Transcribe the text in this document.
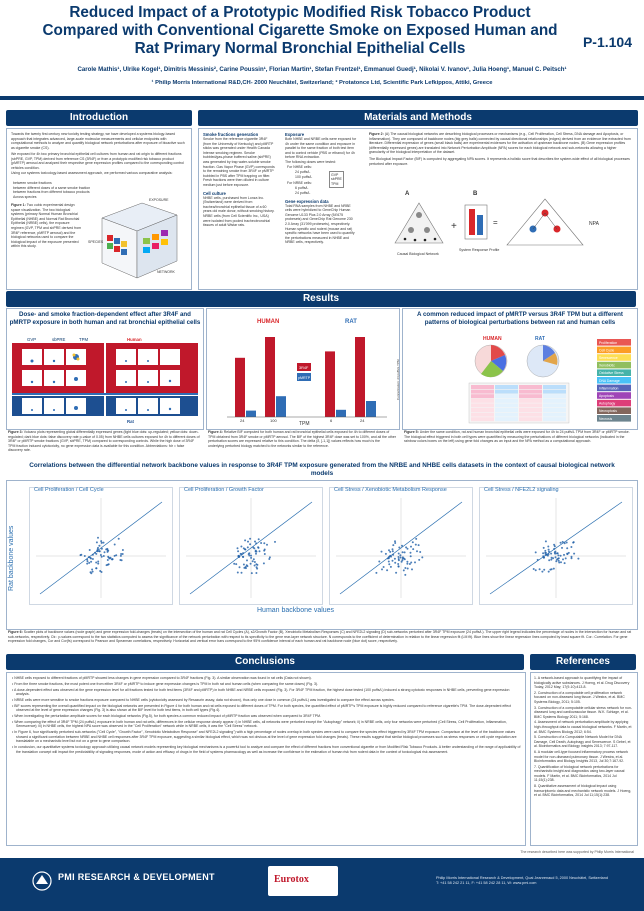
Reduced Impact of a Prototypic Modified Risk Tobacco Product Compared with Conventional Cigarette Smoke on Exposed Human and Rat Primary Normal Bronchial Epithelial Cells	P-1.104
Carole Mathis¹, Ulrike Kogel¹, Dimitris Messinis², Carine Poussin¹, Florian Martin¹, Stefan Frentzel¹, Emmanuel Guedj¹, Nikolai V. Ivanov¹, Julia Hoeng¹, Manuel C. Peitsch¹
¹ Philip Morris International R&D,CH- 2000 Neuchâtel, Switzerland; ² Protatonce Ltd, Scientific Park Lefkippos, Attiki, Greece
Introduction	Materials and Methods
Towards the twenty first century new toxicity testing strategy, we have developed a systems biology-based approach that integrates advanced, large-scale molecular measurements and cellular endpoints with computational methods to analyze and quantify biological network perturbations after exposure of bioactive such as cigarette smoke (CS).
We exposed for 4h two primary bronchial epithelial cell cultures from human and rat origin to different fractions (sbPRE, GVP, TPM) derived from reference CS (3R4F) or from a prototypic modified risk tobacco product (pMRTP) aerosol and analyzed their respective gene expression profiles compared to the corresponding control vehicles condition.
Using our systems toxicology-based assessment approach, we performed various comparative analysis:
between smoke fractions
between different doses of a same smoke fraction
between fractions from different tobacco products
Across species
Figure 1: Two cubic experimental design space visualization. The two biological systems (primary Normal Human Bronchial Epithelial (NHBE) and Normal Rat Bronchial Epithelial (NRBE) cells), the exposure regimen (GVP, TPM and sbPRE derived from 3R4F reference, pMRTP aerosol) and the biological networks used to compare the biological impact of the exposure presented within this study.
EXPOSURE
SPECIES
NETWORK
Smoke fractions generation
Smoke from the reference cigarette 3R4F (from the University of Kentucky) and pMRTP sticks was generated under Health Canada Intense smoking regimen. Smoke bubbled/gas-phase buffered saline (sbPRE) was generated by trap water-soluble smoke fraction. Gas Vapor Phase (GVP) corresponds to the remaining smoke from 3R4F or pMRTP bubbled in PBS after TPM trapping on filter. Fresh fractions were then diluted in culture medium just before exposure.
Cell culture
NHBE cells, purchased from Lonza Inc. (Switzerland) were derived from trachea/bronchial epithelial tissue of a 60 years old male donor, without smoking history. NRBE cells (from Cell Scientific Inc., USA) were isolated from pooled tracheobronchial tissues of adult Wistar rats.
Exposure
Both NHBE and NRBE cells were exposed for 4h under the same condition and exposure in parallel to the same fraction of both test item and to control vehicle (PBS or ethanol) for 4h before RNA extraction.
The following doses were tested:
For NHBE cells:
24 puffs/L
100 puffs/L
For NRBE cells:
6 puffs/L
24 puffs/L
GVP
sbPRE
TPM
Gene expression data
Total RNA samples from NHBE and NRBE cells were hybridized to GeneChip Human Genome U133 Plus 2.0 Array (54'675 probesets) and GeneChip Rat Genome 230 2.0 Array (31'099 probesets), respectively. Human specific and rodent (mouse and rat) specific networks have been used to quantify the perturbations measured in NHBE and NRBE cells, respectively.
Figure 2: (A) The causal biological networks are describing biological processes or mechanisms (e.g., Cell Proliferation, Cell Stress, DNA damage and Apoptosis, or Inflammation). They are composed of backbone nodes (big grey balls) connected by causal directional relationships (edges) derived from an evidence line extracted from literature. Differential expression of genes (small black balls) are experimental evidences for the activation of upstream backbone nodes. (B) Gene expression profiles (differentially expressed genes) are translated into Network Perturbation Amplitude (NPA) scores for each biological network and sub-networks allowing a higher granularity of the biological interpretation of the dataset.
The Biological Impact Factor (BIF) is computed by aggregating NPA scores. It represents a holistic score that describes the system-wide effect of all biological processes perturbed after exposure.
A	B
+	=	NPA
Causal Biological Network
System Response Profile
Results
Dose- and smoke fraction-dependent effect after 3R4F and pMRTP exposure in both human and rat bronchial epithelial cells
GVP	sbPRE	TPM	Human
Rat
Figure 3: Volcano plots representing global differentially expressed genes (light blue dots: up-regulated; yellow dots: down-regulated; dark blue dots: false discovery rate p-value of 0.05) from NHBE cells cultures exposed for 4h to different doses of 3R4F or pMRTP smoke fractions (GVP, sbPRE, TPM) compared to corresponding controls. While the high dose of 3R4F TPM fraction induced cytotoxicity, no gene expression data is available for this condition. Abbreviations: fdr = false discovery rate.
HUMAN	RAT
24	100	6	24
TPM
3R4F
pMRTP
Figure 4: Relative BIF computed for both human and rat bronchial epithelial cells exposed for 4h to different doses of TPM obtained from 3R4F smoke or pMRTP aerosol. The BIF of the highest 3R4F dose was set to 100%, and all the other perturbation scores are expressed relative to this condition. The delta (δ, [-1,1]) values reflects how much is the underlying perturbed biology matched to the networks similar to the reference.
A common reduced impact of pMRTP versus 3R4F TPM but a different patterns of biological perturbations between rat and human cells
HUMAN	RAT
Concentration: 24 puffs/L TPM
Proliferation
Cell Cycle
Senescence
Xenobiotic
Oxidative Stress
DNA Damage
Inflammation
Apoptosis
Autophagy
Necroptosis
Necrosis
Figure 5: Under the same condition, rat and human bronchial epithelial cells were exposed for 4h to 24 puffs/L TPM from 3R4F or pMRTP smoke. The biological effect triggered in both cell types were quantified by measuring the perturbations of different biological networks (indicated in the rainbow colors boxes on the left) using gene fold changes as an input and the NPA method as a computational approach.
Correlations between the differential network backbone values in response to 3R4F TPM exposure generated from the NRBE and NHBE cells datasets in the context of causal biological network models
Rat backbone values
Cell Proliferation / Cell Cycle	Cell Proliferation / Growth Factor	Cell Stress / Xenobiotic Metabolism Response	Cell Stress / NFE2L2 signaling
Human backbone values
Figure 6: Scatter plots of backbone values (node graph) and gene expression fold-changes (treats) on the intersection of the human and rat Cell Cycles (A), s2/Growth Factor (B), Xenobiotic Metabolism Responses (C) and NFE2L2 signaling (D) sub-networks perturbed after 3R4F TPM exposure (24 puffs/L). The upper right legend indicates the percentage of nodes in the intersection for human and rat sub-networks, respectively. Ctr.: p-values correspond to the two statistics computed to assess the significance of the network perturbation with respect to its specificity to the gene rear-layer network structure. N corresponds to the coefficient of determination in relation to the linear regression fit (LM fit). Blue lines show the linear regression lines computed by least square fit. Cor.: Correlation. For gene expression fold changes, Cor and Cor(fs) correspond to Pearson and Spearman correlations, respectively. Horizontal and vertical error bars correspond to the 95% confidence interval of each human and rat backbone node (blue dot) score, respectively.
Conclusions	References
• NHBE cells exposed to different fractions of pMRTP showed less changes in gene expression compared to 3R4F fractions (Fig. 3). A similar observation was found in rat cells (Data not shown).
• From the three smoke fractions, the most potent one from either 3R4F or pMRTP to induce gene expression changes is TPM in both rat and human cells (when comparing the same doses) (Fig. 3).
• A dose-dependent effect was observed at the gene expression level for all fractions tested for both test items (3R4F and pMRTP) in both NHBE and NRBE cells exposed (Fig. 3). For 3R4F TPM fraction, the highest dose tested (100 puffs/L) induced a strong cytotoxic responses in NHBE cells, preventing gene expression analysis.
• NRBE cells were more sensitive to smoke fractions exposure compared to NHBE cells (cytotoxicity assessed by Resazurin assay, data not shown), thus only one dose in common (24 puffs/L) was investigated to compare the effect across species.
• BIF scores representing the overall quantified impact on the biological networks are presented in Figure 4 for both human and rat cells exposed to different doses of TPM. For both species, the quantified effect of pMRTP's TPM exposure is highly reduced compared to reference cigarette's TPM. The dose-dependent effect observed at the level of gene expression changes (Fig. 3) is also shown at the BIF level for both test items, in both cell types (Fig.4).
• When investigating the perturbation amplitude scores for each biological networks (Fig.5), for both species a common reduced impact of pMRTP fraction was observed when compared to 3R4F TPM.
• When comparing the effect of 3R4F TPM (24 puffs/L) exposure in both human and rat cells, differences in the cellular response clearly appear: i) in NHBE cells, all networks were perturbed except the "Autophagy" network; ii) in NRBE cells, only four networks were perturbed (Cell Stress, Cell Proliferation, Inflammation, Senescence); iii) in NHBE cells, the highest NPA score was observed in the "Cell Proliferation" network while in NRBE cells, it was the "Cell Stress" network.
• In Figure 6, four significantly perturbed sub-networks ("Cell Cycle", "Growth Factor", Xenobiotic Metabolism Response" and NFE2L2 signaling") with a high percentage of nodes overlap in both species were used to compare the species effect triggered by 3R4F TPM exposure. Comparison at the level of the backbone values showed a significant correlation between NRBE and NHBE cell responses after 3R4F TPM exposure, suggesting a similar biological effect, which was not obvious at the level of gene expression fold changes (treats). These results suggest that similar biological processes such as stress responses or cell cycle regulation are translatable on a mechanistic level but not on a gene to gene comparison.
• In conclusion, our quantitative systems toxicology approach utilizing causal network models representing key biological mechanisms is a powerful tool to analyze and compare the effect of different fractions from conventional cigarette or from Modified Risk Tobacco Products. A better understanding of the range of applicability of the translation concept will impact the predictability of signaling responses, mode of action and efficacy of drugs in the field of systems pharmacology as well as increase the confidence in the estimation of human risk from rodent data in the context of toxicological risk assessment.
1. A network-based approach to quantifying the impact of biologically active substances. J Hoeng, et al. Drug Discovery Today, 2012 May; 17(9-10):413-8.
2. Construction of a computable cell proliferation network focused on non-diseased lung tissue. J Westra, et al. BMC Systems Biology, 2011; 5:105.
3. Construction of a computable cellular stress network for non-diseased lung and cardiovascular tissue. W.K. Schlage, et al. BMC Systems Biology 2011; 5:168.
4. Assessment of network perturbation amplitude by applying high-throughput data to causal biological networks. F Martin, et al. BMC Systems Biology 2012; 6:54.
5. Construction of a Computable Network Model for DNA Damage, Cell Death, Autophagy and Senescence. S Gebel, et al. Bioinformatics and Biology Insights 2013; 7:97-117.
6. A modular cell-type focused inflammatory process network model for non-diseased pulmonary tissue. J Westra, et al. Bioinformatics and Biology Insights 2013, Jul 30;7:167-92.
7. Quantification of biological network perturbations for mechanistic insight and diagnostics using two-layer causal models. F Martin, et al. BMC Bioinformatics, 2014 Jul 11;15(1):238.
8. Quantitative assessment of biological impact using transcriptomic data and mechanistic network models. J Hoeng, et al. BMC Bioinformatics, 2014 Jul 11;15(1):238.
The research described here was supported by Philip Morris International
PMI RESEARCH & DEVELOPMENT	Eurotox	Philip Morris International Research & Development, Quai Jeanrenaud 5, 2000 Neuchâtel, Switzerland
T: +41 58 242 21 11, F: +41 58 242 28 11, W: www.pmi.com
